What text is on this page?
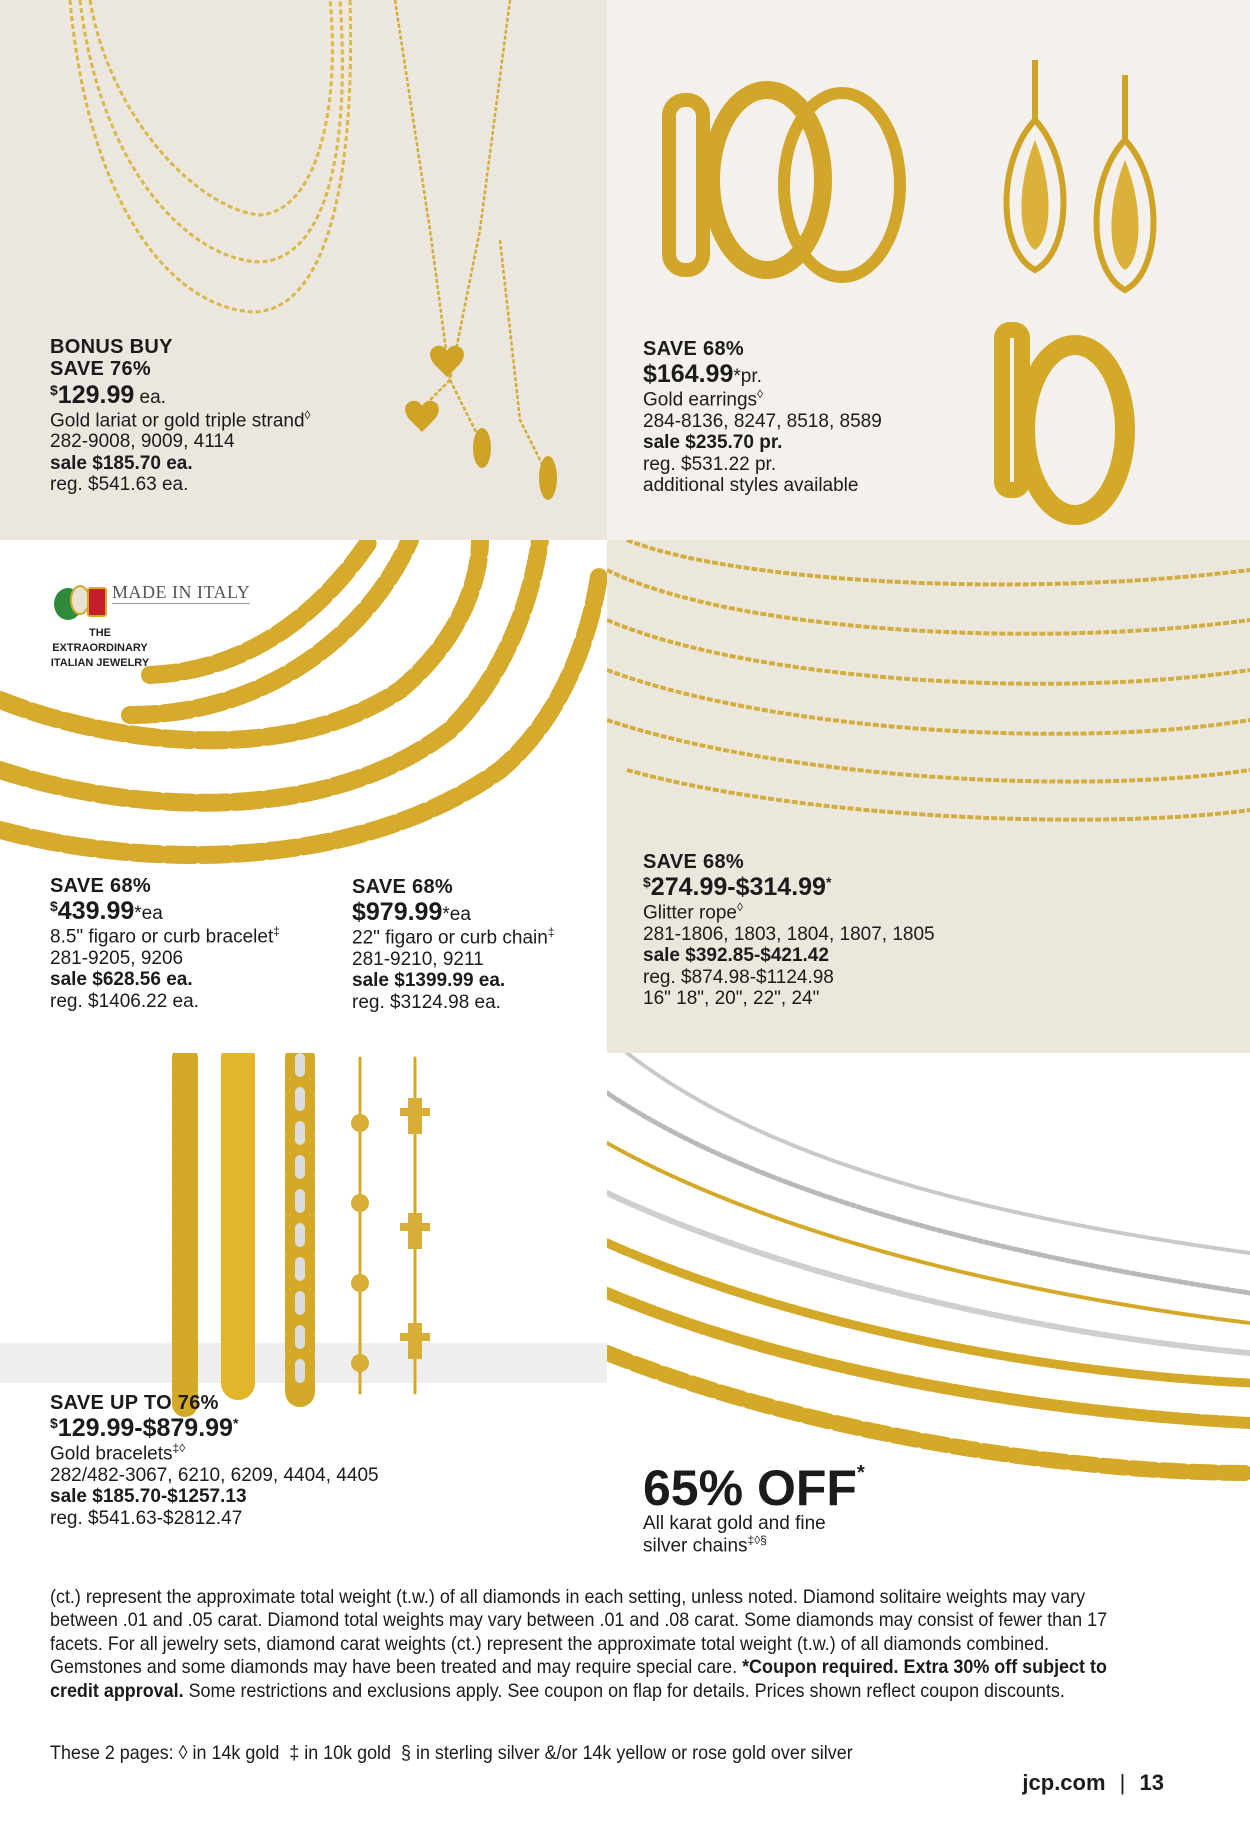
BONUS BUY
SAVE 76%
$129.99 ea.
Gold lariat or gold triple strand◊
282-9008, 9009, 4114
sale $185.70 ea.
reg. $541.63 ea.
SAVE 68%
$164.99*pr.
Gold earrings◊
284-8136, 8247, 8518, 8589
sale $235.70 pr.
reg. $531.22 pr.
additional styles available
MADE IN ITALY
THE EXTRAORDINARY
ITALIAN JEWELRY
SAVE 68%
$439.99*ea
8.5" figaro or curb bracelet‡
281-9205, 9206
sale $628.56 ea.
reg. $1406.22 ea.
SAVE 68%
$979.99*ea
22" figaro or curb chain‡
281-9210, 9211
sale $1399.99 ea.
reg. $3124.98 ea.
SAVE 68%
$274.99-$314.99*
Glitter rope◊
281-1806, 1803, 1804, 1807, 1805
sale $392.85-$421.42
reg. $874.98-$1124.98
16" 18", 20", 22", 24"
SAVE UP TO 76%
$129.99-$879.99*
Gold bracelets‡◊
282/482-3067, 6210, 6209, 4404, 4405
sale $185.70-$1257.13
reg. $541.63-$2812.47
65% OFF*
All karat gold and fine
silver chains‡◊§
(ct.) represent the approximate total weight (t.w.) of all diamonds in each setting, unless noted. Diamond solitaire weights may vary between .01 and .05 carat. Diamond total weights may vary between .01 and .08 carat. Some diamonds may consist of fewer than 17 facets. For all jewelry sets, diamond carat weights (ct.) represent the approximate total weight (t.w.) of all diamonds combined. Gemstones and some diamonds may have been treated and may require special care. *Coupon required. Extra 30% off subject to credit approval. Some restrictions and exclusions apply. See coupon on flap for details. Prices shown reflect coupon discounts.
These 2 pages: ◊ in 14k gold ‡ in 10k gold § in sterling silver &/or 14k yellow or rose gold over silver
jcp.com | 13
